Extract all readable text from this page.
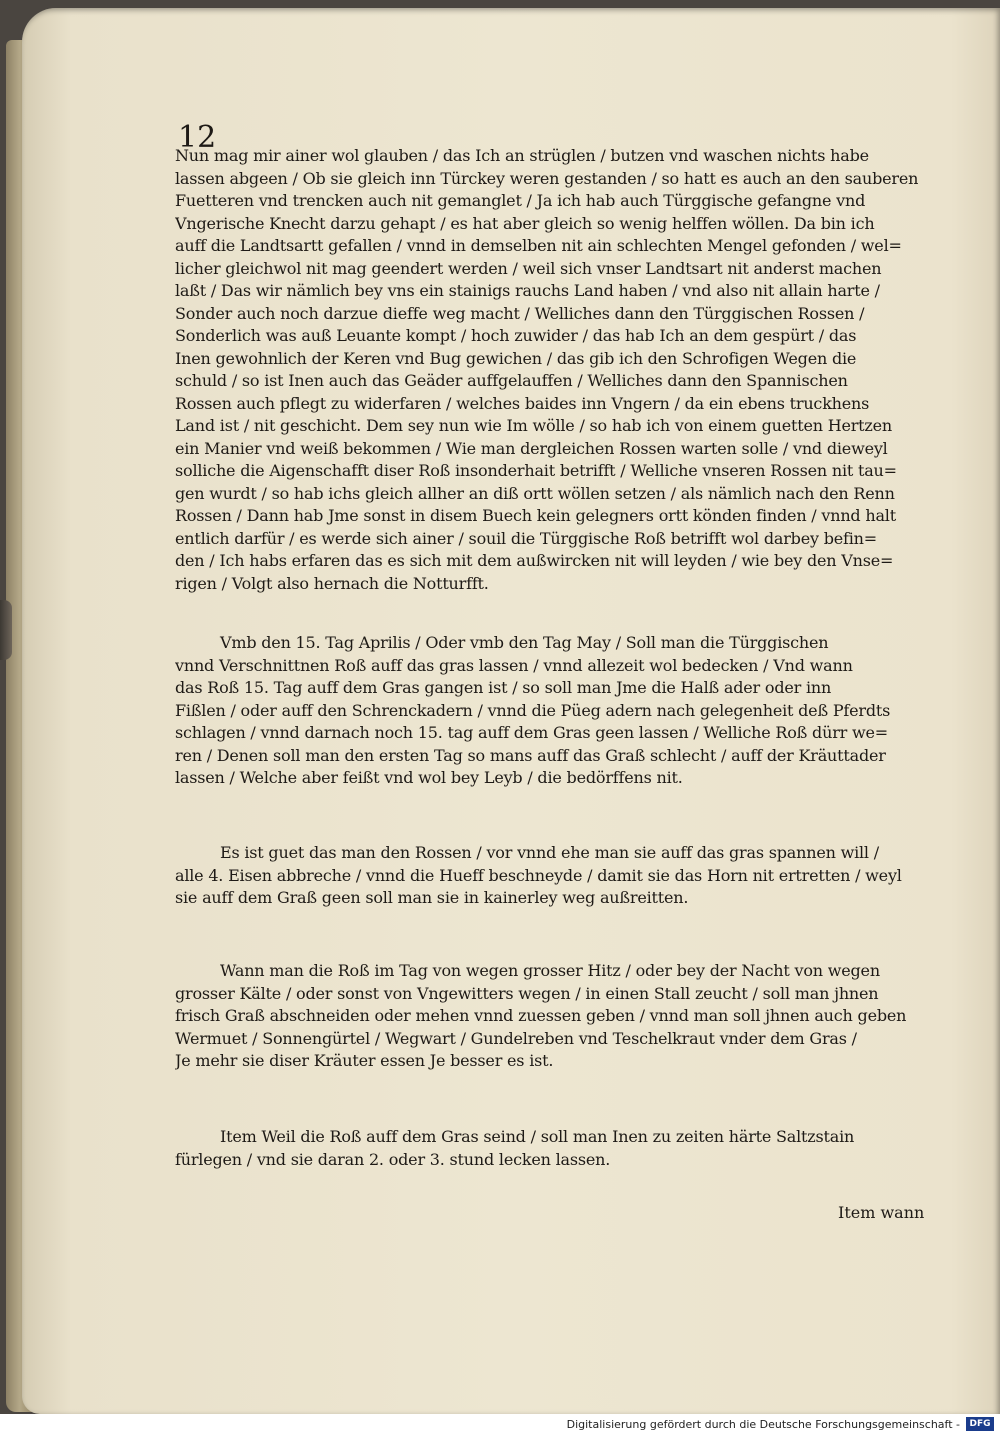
12
Nun mag mir ainer wol glauben / das Ich an strüglen / butzen vnd waschen nichts habe
lassen abgeen / Ob sie gleich inn Türckey weren gestanden / so hatt es auch an den sauberen
Fuetteren vnd trencken auch nit gemanglet / Ja ich hab auch Türggische gefangne vnd
Vngerische Knecht darzu gehapt / es hat aber gleich so wenig helffen wöllen. Da bin ich
auff die Landtsartt gefallen / vnnd in demselben nit ain schlechten Mengel gefonden / wel=
licher gleichwol nit mag geendert werden / weil sich vnser Landtsart nit anderst machen
laßt / Das wir nämlich bey vns ein stainigs rauchs Land haben / vnd also nit allain harte /
Sonder auch noch darzue dieffe weg macht / Welliches dann den Türggischen Rossen /
Sonderlich was auß Leuante kompt / hoch zuwider / das hab Ich an dem gespürt / das
Inen gewohnlich der Keren vnd Bug gewichen / das gib ich den Schrofigen Wegen die
schuld / so ist Inen auch das Geäder auffgelauffen / Welliches dann den Spannischen
Rossen auch pflegt zu widerfaren / welches baides inn Vngern / da ein ebens truckhens
Land ist / nit geschicht. Dem sey nun wie Im wölle / so hab ich von einem guetten Hertzen
ein Manier vnd weiß bekommen / Wie man dergleichen Rossen warten solle / vnd dieweyl
solliche die Aigenschafft diser Roß insonderhait betrifft / Welliche vnseren Rossen nit tau=
gen wurdt / so hab ichs gleich allher an diß ortt wöllen setzen / als nämlich nach den Renn
Rossen / Dann hab Jme sonst in disem Buech kein gelegners ortt könden finden / vnnd halt
entlich darfür / es werde sich ainer / souil die Türggische Roß betrifft wol darbey befin=
den / Ich habs erfaren das es sich mit dem außwircken nit will leyden / wie bey den Vnse=
rigen / Volgt also hernach die Notturfft.
Vmb den 15. Tag Aprilis / Oder vmb den Tag May / Soll man die Türggischen
vnnd Verschnittnen Roß auff das gras lassen / vnnd allezeit wol bedecken / Vnd wann
das Roß 15. Tag auff dem Gras gangen ist / so soll man Jme die Halß ader oder inn
Fißlen / oder auff den Schrenckadern / vnnd die Püeg adern nach gelegenheit deß Pferdts
schlagen / vnnd darnach noch 15. tag auff dem Gras geen lassen / Welliche Roß dürr we=
ren / Denen soll man den ersten Tag so mans auff das Graß schlecht / auff der Kräuttader
lassen / Welche aber feißt vnd wol bey Leyb / die bedörffens nit.
Es ist guet das man den Rossen / vor vnnd ehe man sie auff das gras spannen will /
alle 4. Eisen abbreche / vnnd die Hueff beschneyde / damit sie das Horn nit ertretten / weyl
sie auff dem Graß geen soll man sie in kainerley weg außreitten.
Wann man die Roß im Tag von wegen grosser Hitz / oder bey der Nacht von wegen
grosser Kälte / oder sonst von Vngewitters wegen / in einen Stall zeucht / soll man jhnen
frisch Graß abschneiden oder mehen vnnd zuessen geben / vnnd man soll jhnen auch geben
Wermuet / Sonnengürtel / Wegwart / Gundelreben vnd Teschelkraut vnder dem Gras /
Je mehr sie diser Kräuter essen Je besser es ist.
Item Weil die Roß auff dem Gras seind / soll man Inen zu zeiten härte Saltzstain
fürlegen / vnd sie daran 2. oder 3. stund lecken lassen.
Item wann
Digitalisierung gefördert durch die Deutsche Forschungsgemeinschaft -	DFG
